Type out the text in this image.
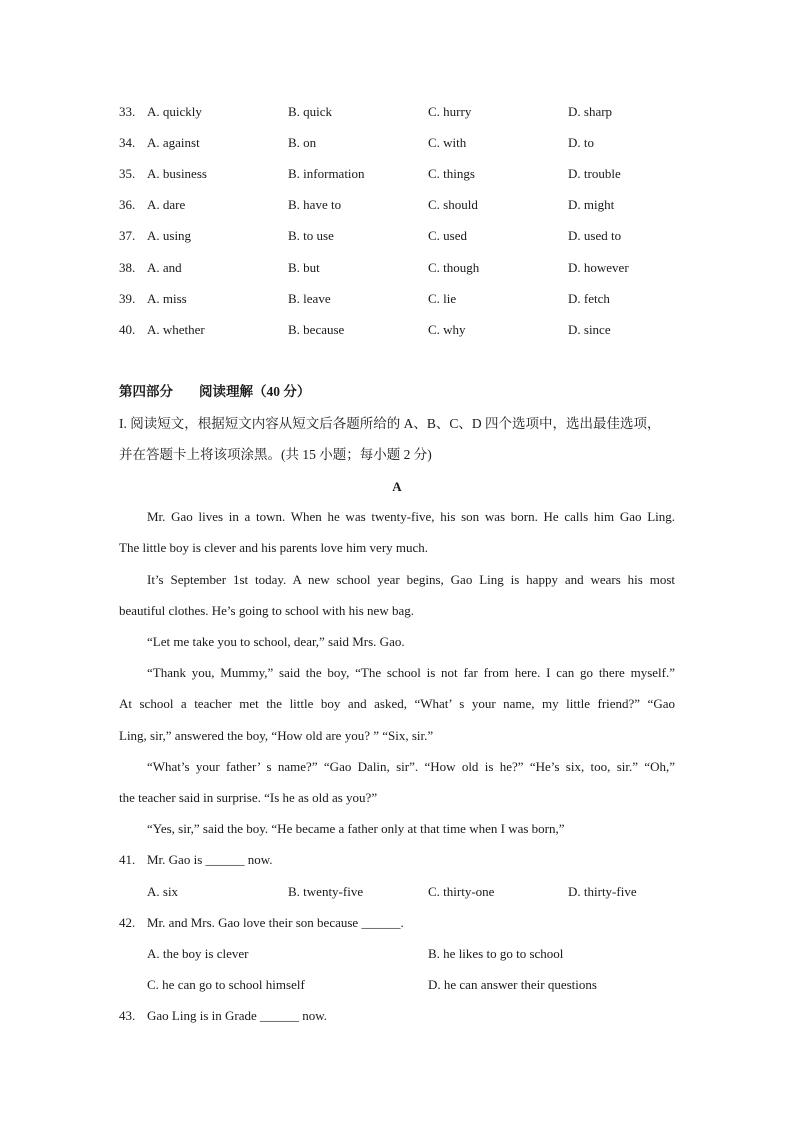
33. A. quickly	B. quick	C. hurry	D. sharp
34. A. against	B. on	C. with	D. to
35. A. business	B. information	C. things	D. trouble
36. A. dare	B. have to	C. should	D. might
37. A. using	B. to use	C. used	D. used to
38. A. and	B. but	C. though	D. however
39. A. miss	B. leave	C. lie	D. fetch
40. A. whether	B. because	C. why	D. since
第四部分 阅读理解（40 分）
I. 阅读短文，根据短文内容从短文后各题所给的 A、B、C、D 四个选项中，选出最佳选项，
并在答题卡上将该项涂黑。(共 15 小题；每小题 2 分)
A
Mr. Gao lives in a town. When he was twenty-five, his son was born. He calls him Gao Ling.
The little boy is clever and his parents love him very much.
It’s September 1st today. A new school year begins, Gao Ling is happy and wears his most
beautiful clothes. He’s going to school with his new bag.
“Let me take you to school, dear,” said Mrs. Gao.
“Thank you, Mummy,” said the boy, “The school is not far from here. I can go there myself.”
At school a teacher met the little boy and asked, “What’ s your name, my little friend?” “Gao
Ling, sir,” answered the boy, “How old are you? ” “Six, sir.”
“What’s your father’ s name?” “Gao Dalin, sir”. “How old is he?” “He’s six, too, sir.” “Oh,”
the teacher said in surprise. “Is he as old as you?”
“Yes, sir,” said the boy. “He became a father only at that time when I was born,”
41. Mr. Gao is ______ now.
A. six	B. twenty-five	C. thirty-one	D. thirty-five
42. Mr. and Mrs. Gao love their son because ______.
A. the boy is clever	B. he likes to go to school
C. he can go to school himself	D. he can answer their questions
43. Gao Ling is in Grade ______ now.
